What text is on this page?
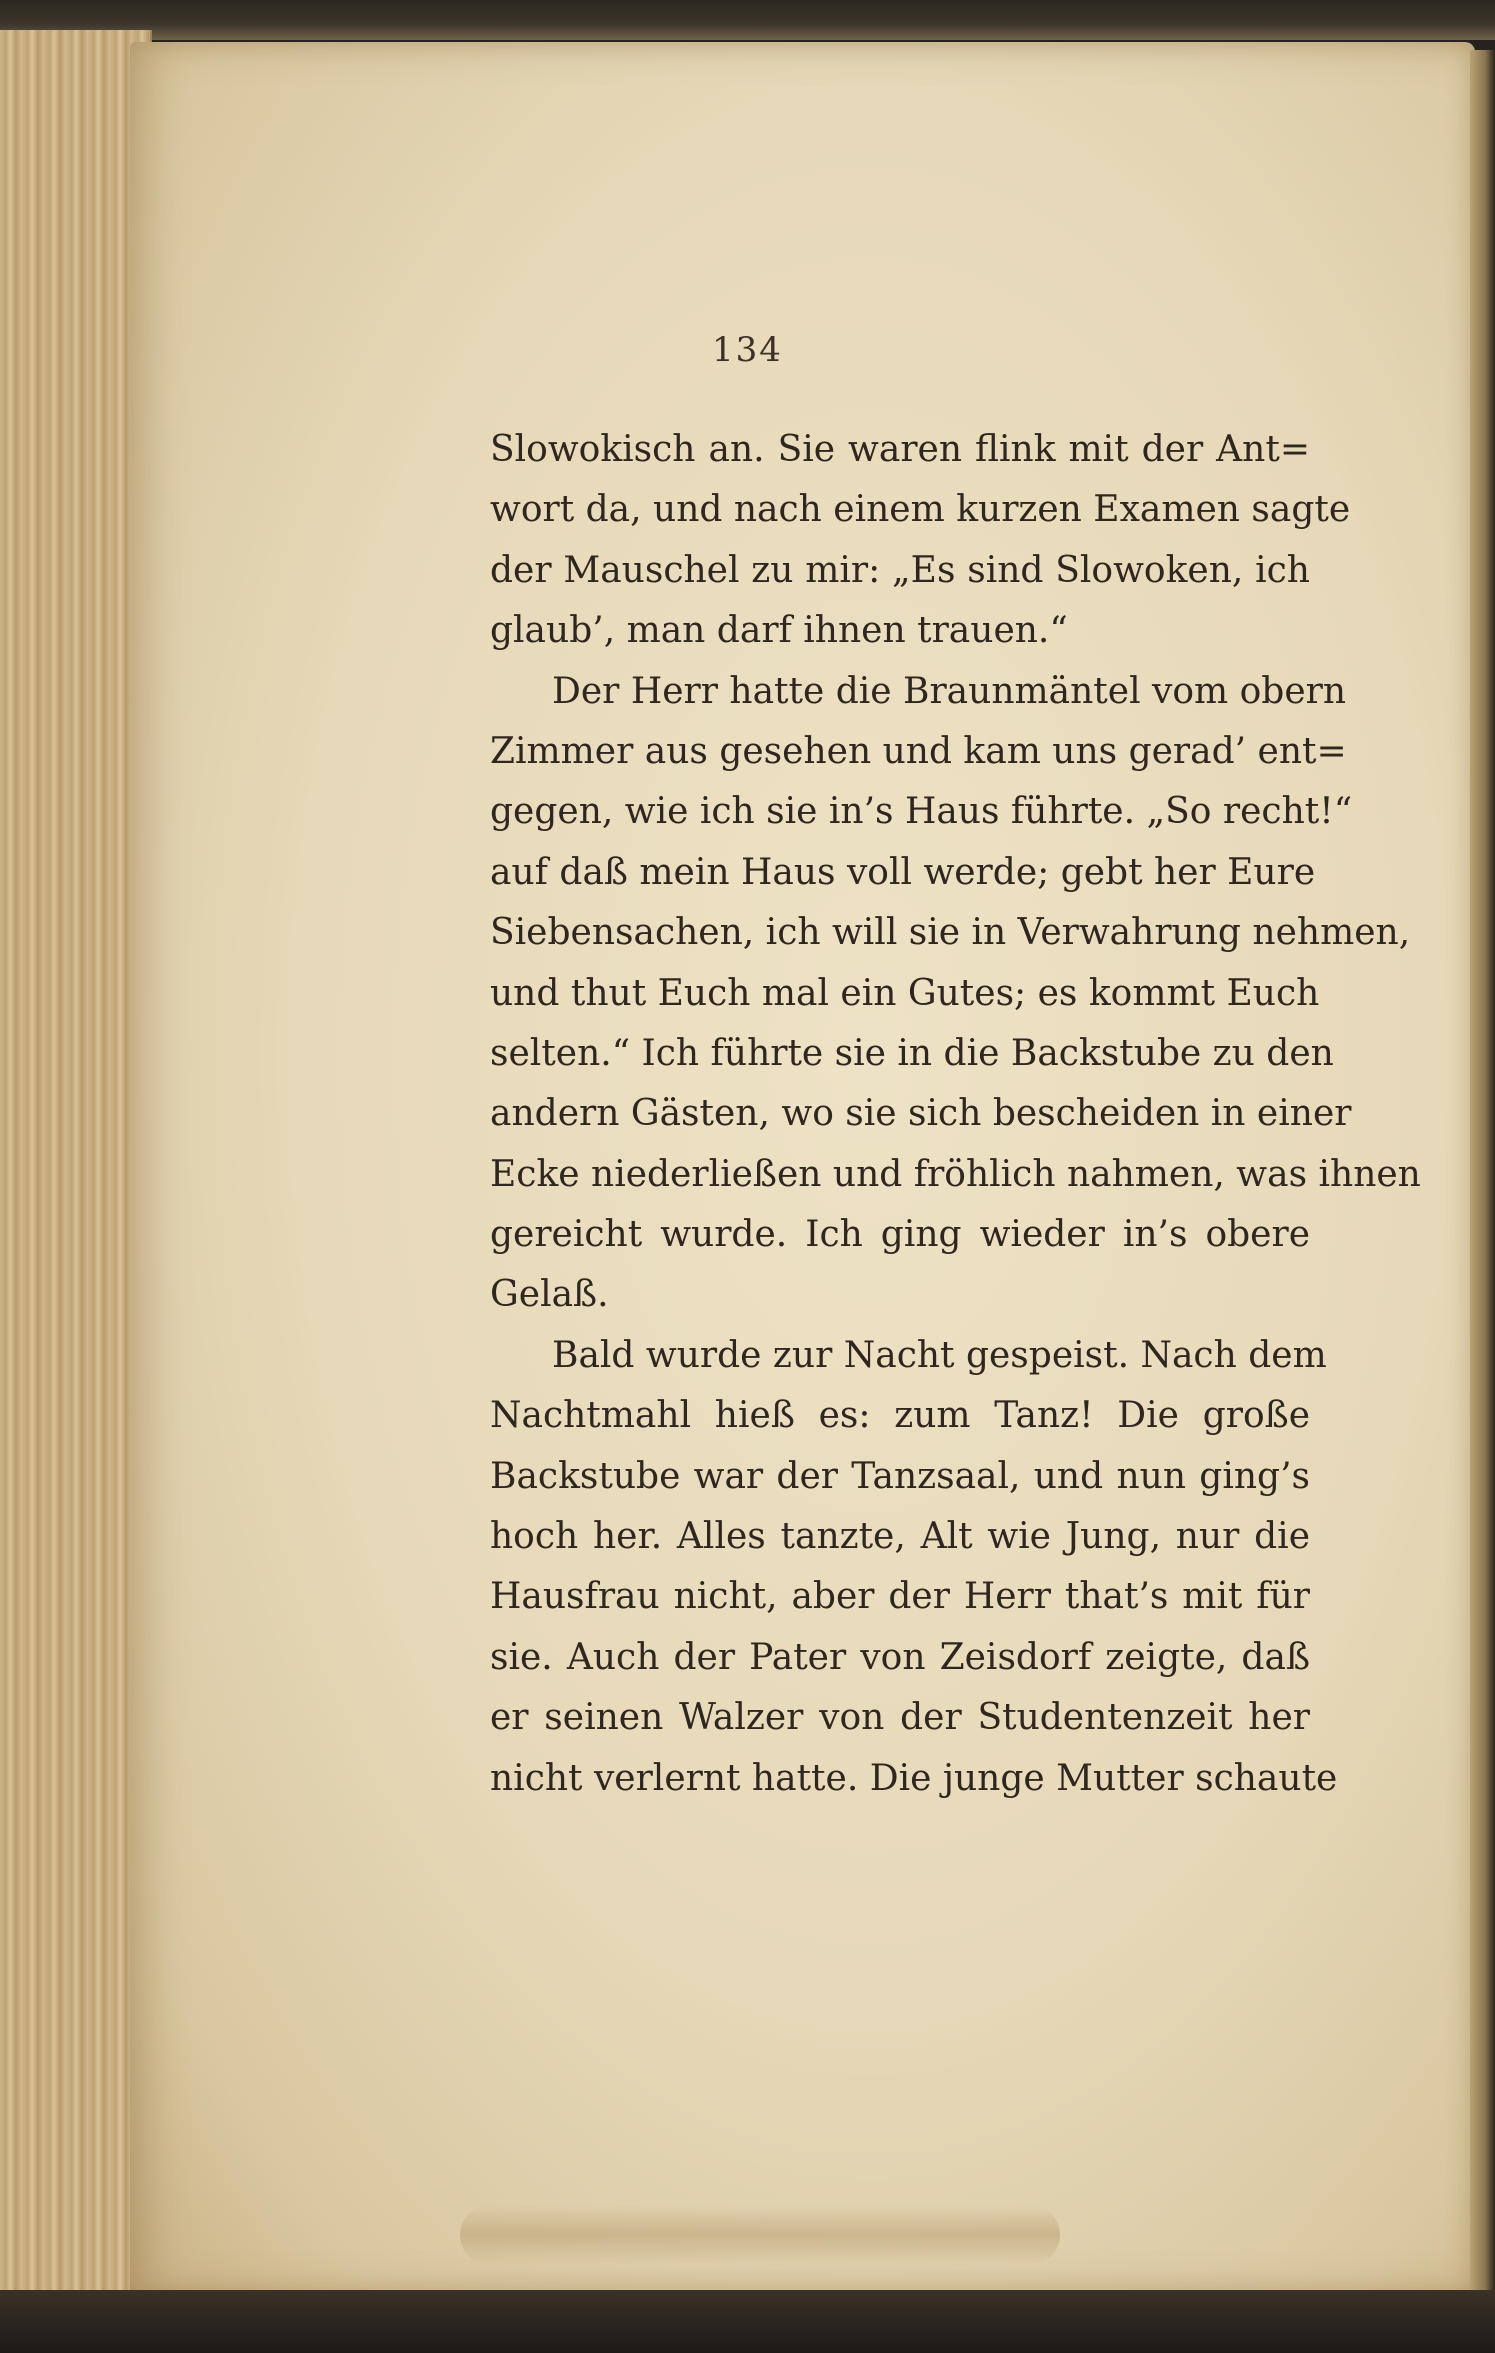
134
Slowokisch an. Sie waren flink mit der Ant=
wort da, und nach einem kurzen Examen sagte
der Mauschel zu mir: „Es sind Slowoken, ich
glaub’, man darf ihnen trauen.“
Der Herr hatte die Braunmäntel vom obern
Zimmer aus gesehen und kam uns gerad’ ent=
gegen, wie ich sie in’s Haus führte. „So recht!“
auf daß mein Haus voll werde; gebt her Eure
Siebensachen, ich will sie in Verwahrung nehmen,
und thut Euch mal ein Gutes; es kommt Euch
selten.“ Ich führte sie in die Backstube zu den
andern Gästen, wo sie sich bescheiden in einer
Ecke niederließen und fröhlich nahmen, was ihnen
gereicht wurde. Ich ging wieder in’s obere
Gelaß.
Bald wurde zur Nacht gespeist. Nach dem
Nachtmahl hieß es: zum Tanz! Die große
Backstube war der Tanzsaal, und nun ging’s
hoch her. Alles tanzte, Alt wie Jung, nur die
Hausfrau nicht, aber der Herr that’s mit für
sie. Auch der Pater von Zeisdorf zeigte, daß
er seinen Walzer von der Studentenzeit her
nicht verlernt hatte. Die junge Mutter schaute
